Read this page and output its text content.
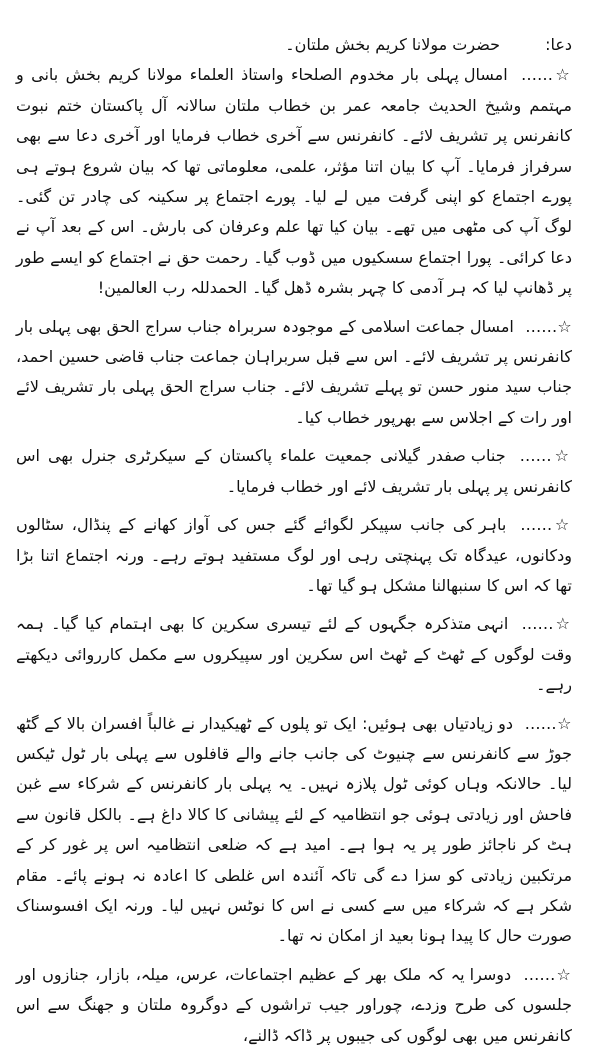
دعا: حضرت مولانا کریم بخش ملتان۔

☆…… امسال پہلی بار مخدوم الصلحاء واستاذ العلماء مولانا کریم بخش بانی و مہتمم وشیخ الحدیث جامعہ عمر بن خطاب ملتان سالانہ آل پاکستان ختم نبوت کانفرنس پر تشریف لائے۔ کانفرنس سے آخری خطاب فرمایا اور آخری دعا سے بھی سرفراز فرمایا۔ آپ کا بیان اتنا مؤثر، علمی، معلوماتی تھا کہ بیان شروع ہوتے ہی پورے اجتماع کو اپنی گرفت میں لے لیا۔ پورے اجتماع پر سکینہ کی چادر تن گئی۔ لوگ آپ کی مٹھی میں تھے۔ بیان کیا تھا علم وعرفان کی بارش۔ اس کے بعد آپ نے دعا کرائی۔ پورا اجتماع سسکیوں میں ڈوب گیا۔ رحمت حق نے اجتماع کو ایسے طور پر ڈھانپ لیا کہ ہر آدمی کا چہر بشرہ ڈھل گیا۔ الحمدللہ رب العالمین!

☆…… امسال جماعت اسلامی کے موجودہ سربراہ جناب سراج الحق بھی پہلی بار کانفرنس پر تشریف لائے۔ اس سے قبل سربراہان جماعت جناب قاضی حسین احمد، جناب سید منور حسن تو پہلے تشریف لائے۔ جناب سراج الحق پہلی بار تشریف لائے اور رات کے اجلاس سے بھرپور خطاب کیا۔

☆…… جناب صفدر گیلانی جمعیت علماء پاکستان کے سیکرٹری جنرل بھی اس کانفرنس پر پہلی بار تشریف لائے اور خطاب فرمایا۔

☆…… باہر کی جانب سپیکر لگوائے گئے جس کی آواز کھانے کے پنڈال، سٹالوں ودکانوں، عیدگاہ تک پہنچتی رہی اور لوگ مستفید ہوتے رہے۔ ورنہ اجتماع اتنا بڑا تھا کہ اس کا سنبھالنا مشکل ہو گیا تھا۔

☆…… انہی متذکرہ جگہوں کے لئے تیسری سکرین کا بھی اہتمام کیا گیا۔ ہمہ وقت لوگوں کے ٹھٹ کے ٹھٹ اس سکرین اور سپیکروں سے مکمل کارروائی دیکھتے رہے۔

☆…… دو زیادتیاں بھی ہوئیں: ایک تو پلوں کے ٹھیکیدار نے غالباً افسران بالا کے گٹھ جوڑ سے کانفرنس سے چنیوٹ کی جانب جانے والے قافلوں سے پہلی بار ٹول ٹیکس لیا۔ حالانکہ وہاں کوئی ٹول پلازہ نہیں۔ یہ پہلی بار کانفرنس کے شرکاء سے غبن فاحش اور زیادتی ہوئی جو انتظامیہ کے لئے پیشانی کا کالا داغ ہے۔ بالکل قانون سے ہٹ کر ناجائز طور پر یہ ہوا ہے۔ امید ہے کہ ضلعی انتظامیہ اس پر غور کر کے مرتکبین زیادتی کو سزا دے گی تاکہ آئندہ اس غلطی کا اعادہ نہ ہونے پائے۔ مقام شکر ہے کہ شرکاء میں سے کسی نے اس کا نوٹس نہیں لیا۔ ورنہ ایک افسوسناک صورت حال کا پیدا ہونا بعید از امکان نہ تھا۔

☆…… دوسرا یہ کہ ملک بھر کے عظیم اجتماعات، عرس، میلہ، بازار، جنازوں اور جلسوں کی طرح وزدے، چوراور جیب تراشوں کے دوگروہ ملتان و جھنگ سے اس کانفرنس میں بھی لوگوں کی جیبوں پر ڈاکہ ڈالنے،
